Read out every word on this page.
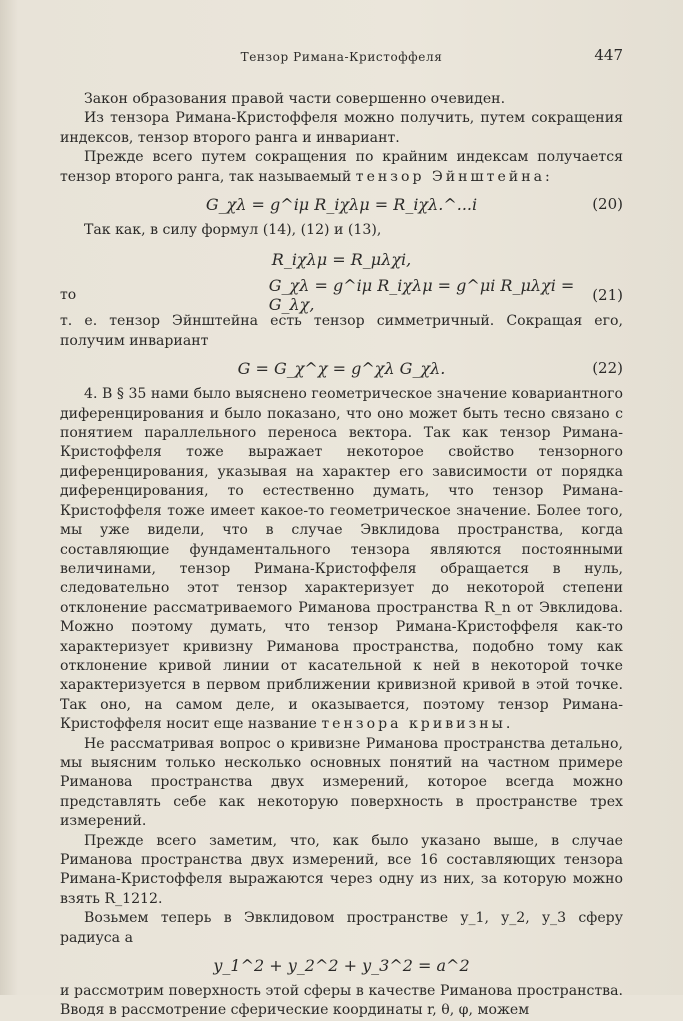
Тензор Римана-Кристоффеля	447

Закон образования правой части совершенно очевиден.

Из тензора Римана-Кристоффеля можно получить, путем сокращения индексов, тензор второго ранга и инвариант.

Прежде всего путем сокращения по крайним индексам получается тензор второго ранга, так называемый тензор Эйнштейна:

G_χλ = g^iμ R_iχλμ = R_iχλ.^...i	(20)

Так как, в силу формул (14), (12) и (13),

R_iχλμ = R_μλχi,
то	G_χλ = g^iμ R_iχλμ = g^μi R_μλχi = G_λχ,	(21)

т. е. тензор Эйнштейна есть тензор симметричный. Сокращая его, получим инвариант

G = G_χ^χ = g^χλ G_χλ.	(22)

4. В § 35 нами было выяснено геометрическое значение ковариантного диференцирования и было показано, что оно может быть тесно связано с понятием параллельного переноса вектора. Так как тензор Римана-Кристоффеля тоже выражает некоторое свойство тензорного диференцирования, указывая на характер его зависимости от порядка диференцирования, то естественно думать, что тензор Римана-Кристоффеля тоже имеет какое-то геометрическое значение. Более того, мы уже видели, что в случае Эвклидова пространства, когда составляющие фундаментального тензора являются постоянными величинами, тензор Римана-Кристоффеля обращается в нуль, следовательно этот тензор характеризует до некоторой степени отклонение рассматриваемого Риманова пространства R_n от Эвклидова. Можно поэтому думать, что тензор Римана-Кристоффеля как-то характеризует кривизну Риманова пространства, подобно тому как отклонение кривой линии от касательной к ней в некоторой точке характеризуется в первом приближении кривизной кривой в этой точке. Так оно, на самом деле, и оказывается, поэтому тензор Римана-Кристоффеля носит еще название тензора кривизны.

Не рассматривая вопрос о кривизне Риманова пространства детально, мы выясним только несколько основных понятий на частном примере Риманова пространства двух измерений, которое всегда можно представлять себе как некоторую поверхность в пространстве трех измерений.

Прежде всего заметим, что, как было указано выше, в случае Риманова пространства двух измерений, все 16 составляющих тензора Римана-Кристоффеля выражаются через одну из них, за которую можно взять R_1212.

Возьмем теперь в Эвклидовом пространстве y_1, y_2, y_3 сферу радиуса a

y_1^2 + y_2^2 + y_3^2 = a^2

и рассмотрим поверхность этой сферы в качестве Риманова пространства. Вводя в рассмотрение сферические координаты r, θ, φ, можем
